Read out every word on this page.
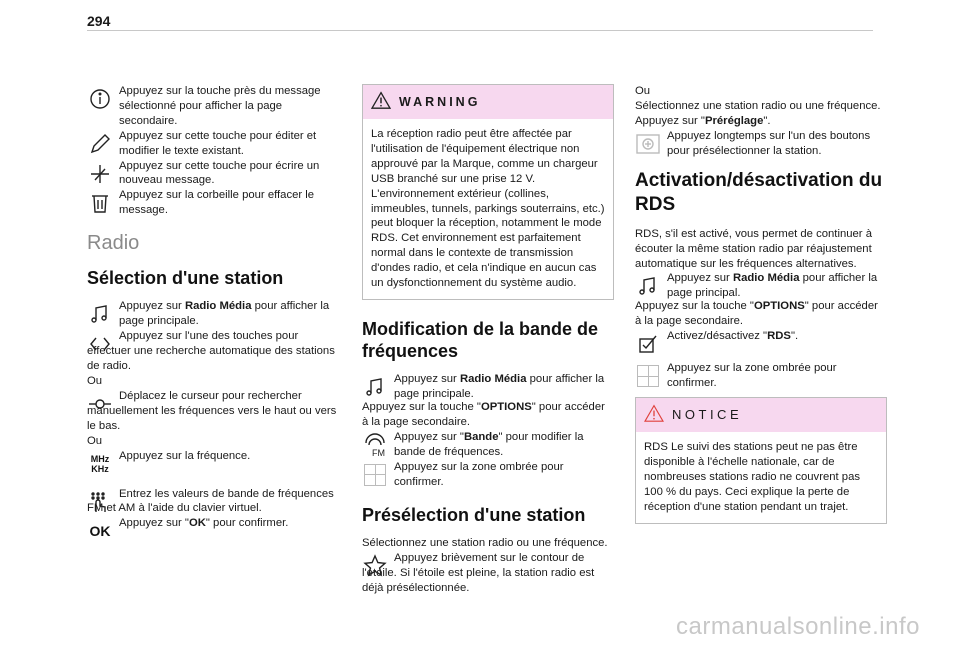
294

Appuyez sur la touche près du message sélectionné pour afficher la page secondaire.

Appuyez sur cette touche pour éditer et modifier le texte existant.

Appuyez sur cette touche pour écrire un nouveau message.

Appuyez sur la corbeille pour effacer le message.

Radio
Sélection d'une station

Appuyez sur Radio Média pour afficher la page principale.

Appuyez sur l'une des touches pour effectuer une recherche automatique des stations de radio.

Ou

Déplacez le curseur pour rechercher manuellement les fréquences vers le haut ou vers le bas.

Ou

MHz
KHz

Appuyez sur la fréquence.

Entrez les valeurs de bande de fréquences FM et AM à l'aide du clavier virtuel.

OK Appuyez sur "OK" pour confirmer.

WARNING
La réception radio peut être affectée par l'utilisation de l'équipement électrique non approuvé par la Marque, comme un chargeur USB branché sur une prise 12 V. L'environnement extérieur (collines, immeubles, tunnels, parkings souterrains, etc.) peut bloquer la réception, notamment le mode RDS. Cet environnement est parfaitement normal dans le contexte de transmission d'ondes radio, et cela n'indique en aucun cas un dysfonctionnement du système audio.
Modification de la bande de fréquences

Appuyez sur Radio Média pour afficher la page principale.

Appuyez sur la touche "OPTIONS" pour accéder à la page secondaire.

FM

Appuyez sur "Bande" pour modifier la bande de fréquences.

Appuyez sur la zone ombrée pour confirmer.

Présélection d'une station

Sélectionnez une station radio ou une fréquence.

Appuyez brièvement sur le contour de l'étoile. Si l'étoile est pleine, la station radio est déjà présélectionnée.

Ou

Sélectionnez une station radio ou une fréquence.

Appuyez sur "Préréglage".

Appuyez longtemps sur l'un des boutons pour présélectionner la station.

Activation/désactivation du RDS

RDS, s'il est activé, vous permet de continuer à écouter la même station radio par réajustement automatique sur les fréquences alternatives.

Appuyez sur Radio Média pour afficher la page principal.

Appuyez sur la touche "OPTIONS" pour accéder à la page secondaire.

Activez/désactivez "RDS".

Appuyez sur la zone ombrée pour confirmer.

NOTICE
RDS Le suivi des stations peut ne pas être disponible à l'échelle nationale, car de nombreuses stations radio ne couvrent pas 100 % du pays. Ceci explique la perte de réception d'une station pendant un trajet.
carmanualsonline.info
